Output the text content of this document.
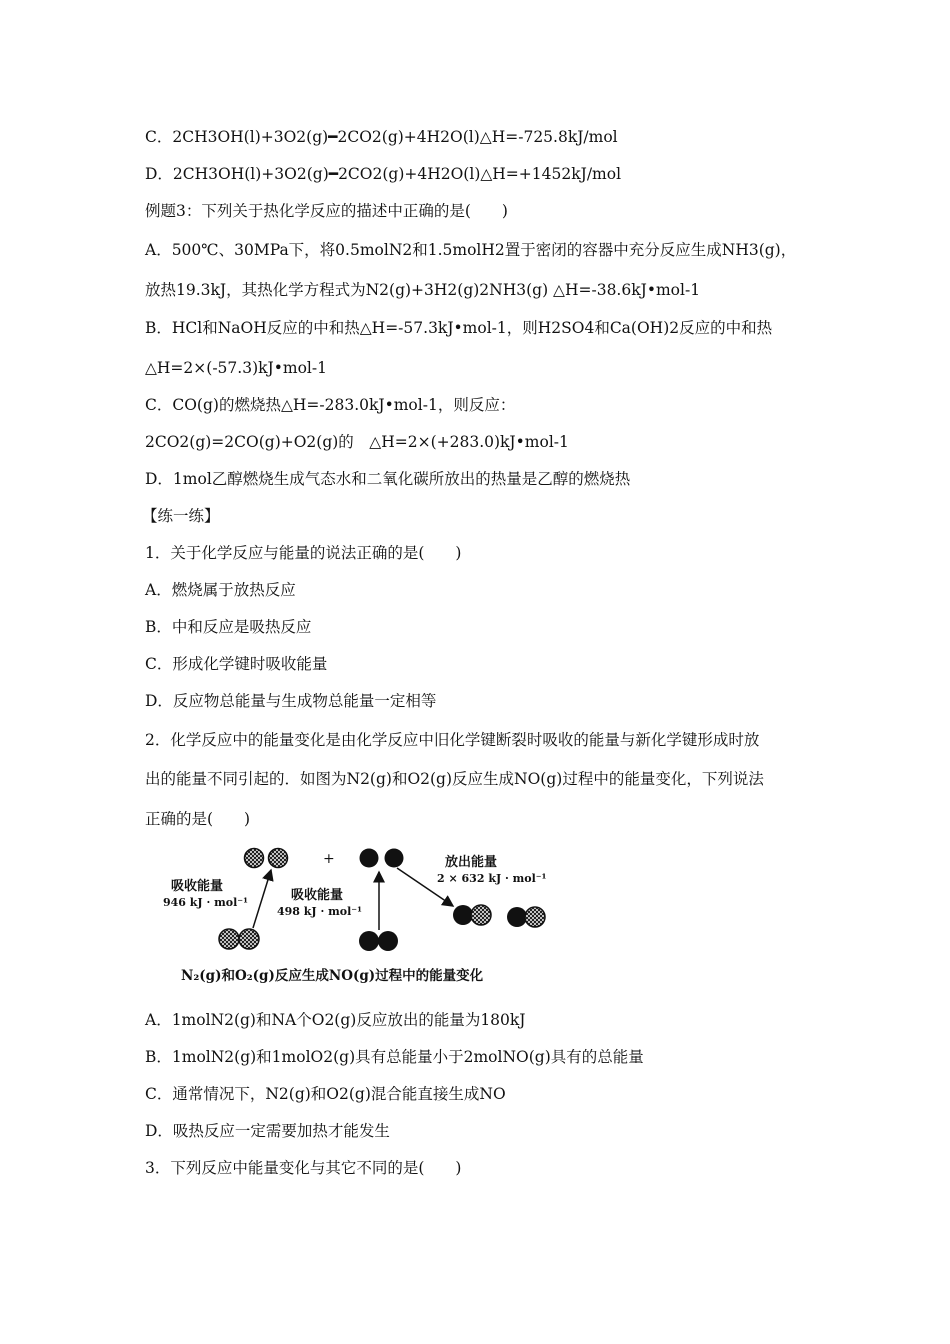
C．2CH3OH(l)+3O2(g)━2CO2(g)+4H2O(l)△H=-725.8kJ/mol
D．2CH3OH(l)+3O2(g)━2CO2(g)+4H2O(l)△H=+1452kJ/mol
例题3：下列关于热化学反应的描述中正确的是(　　)
A．500℃、30MPa下，将0.5molN2和1.5molH2置于密闭的容器中充分反应生成NH3(g)，
放热19.3kJ，其热化学方程式为N2(g)+3H2(g)2NH3(g) △H=-38.6kJ•mol-1
B．HCl和NaOH反应的中和热△H=-57.3kJ•mol-1，则H2SO4和Ca(OH)2反应的中和热
△H=2×(-57.3)kJ•mol-1
C．CO(g)的燃烧热△H=-283.0kJ•mol-1，则反应：
2CO2(g)=2CO(g)+O2(g)的　△H=2×(+283.0)kJ•mol-1
D．1mol乙醇燃烧生成气态水和二氧化碳所放出的热量是乙醇的燃烧热
【练一练】
1．关于化学反应与能量的说法正确的是(　　)
A．燃烧属于放热反应
B．中和反应是吸热反应
C．形成化学键时吸收能量
D．反应物总能量与生成物总能量一定相等
2．化学反应中的能量变化是由化学反应中旧化学键断裂时吸收的能量与新化学键形成时放
出的能量不同引起的．如图为N2(g)和O2(g)反应生成NO(g)过程中的能量变化，下列说法
正确的是(　　)
+
吸收能量
946 kJ · mol⁻¹	吸收能量
498 kJ · mol⁻¹
放出能量
2 × 632 kJ · mol⁻¹
N₂(g)和O₂(g)反应生成NO(g)过程中的能量变化
A．1molN2(g)和NA个O2(g)反应放出的能量为180kJ
B．1molN2(g)和1molO2(g)具有总能量小于2molNO(g)具有的总能量
C．通常情况下，N2(g)和O2(g)混合能直接生成NO
D．吸热反应一定需要加热才能发生
3．下列反应中能量变化与其它不同的是(　　)
